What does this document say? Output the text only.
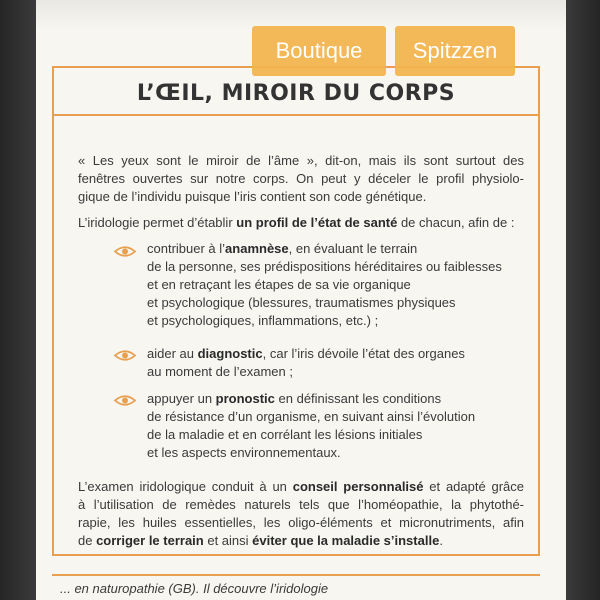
L’ŒIL, MIROIR DU CORPS
« Les yeux sont le miroir de l’âme », dit-on, mais ils sont surtout des
fenêtres ouvertes sur notre corps. On peut y déceler le profil physiolo-
gique de l’individu puisque l’iris contient son code génétique.
L’iridologie permet d’établir un profil de l’état de santé de chacun, afin de :
contribuer à l’anamnèse, en évaluant le terrain
de la personne, ses prédispositions héréditaires ou faiblesses
et en retraçant les étapes de sa vie organique
et psychologique (blessures, traumatismes physiques
et psychologiques, inflammations, etc.) ;
aider au diagnostic, car l’iris dévoile l’état des organes
au moment de l’examen ;
appuyer un pronostic en définissant les conditions
de résistance d’un organisme, en suivant ainsi l’évolution
de la maladie et en corrélant les lésions initiales
et les aspects environnementaux.
L’examen iridologique conduit à un conseil personnalisé et adapté grâce
à l’utilisation de remèdes naturels tels que l’homéopathie, la phytothé-
rapie, les huiles essentielles, les oligo-éléments et micronutriments, afin
de corriger le terrain et ainsi éviter que la maladie s’installe.
... en naturopathie (GB). Il découvre l’iridologie
Boutique	Spitzzen
